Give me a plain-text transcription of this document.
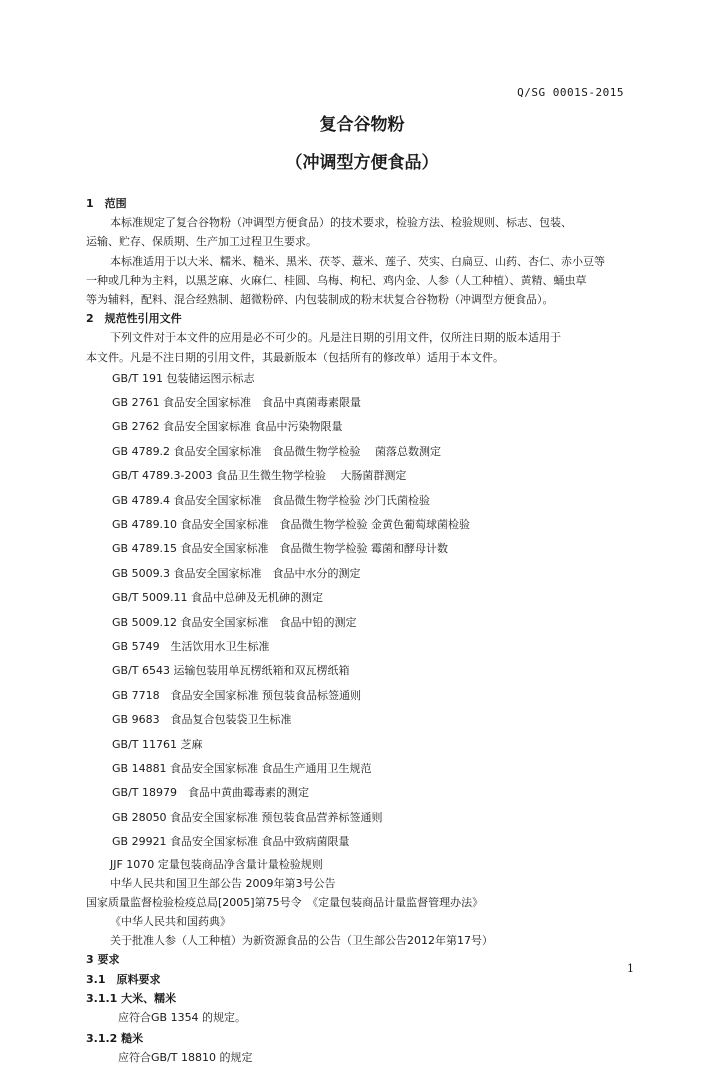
Q/SG 0001S-2015
复合谷物粉
（冲调型方便食品）
1　范围
本标准规定了复合谷物粉（冲调型方便食品）的技术要求，检验方法、检验规则、标志、包装、
运输、贮存、保质期、生产加工过程卫生要求。
本标准适用于以大米、糯米、糙米、黑米、茯苓、薏米、莲子、芡实、白扁豆、山药、杏仁、赤小豆等
一种或几种为主料，以黑芝麻、火麻仁、桂圆、乌梅、枸杞、鸡内金、人参（人工种植）、黄精、蛹虫草
等为辅料，配料、混合经熟制、超微粉碎、内包装制成的粉末状复合谷物粉（冲调型方便食品）。
2　规范性引用文件
下列文件对于本文件的应用是必不可少的。凡是注日期的引用文件，仅所注日期的版本适用于
本文件。凡是不注日期的引用文件，其最新版本（包括所有的修改单）适用于本文件。
GB/T 191 包装储运图示标志
GB 2761 食品安全国家标准　食品中真菌毒素限量
GB 2762 食品安全国家标准 食品中污染物限量
GB 4789.2 食品安全国家标准　食品微生物学检验　 菌落总数测定
GB/T 4789.3-2003 食品卫生微生物学检验　 大肠菌群测定
GB 4789.4 食品安全国家标准　食品微生物学检验 沙门氏菌检验
GB 4789.10 食品安全国家标准　食品微生物学检验 金黄色葡萄球菌检验
GB 4789.15 食品安全国家标准　食品微生物学检验 霉菌和酵母计数
GB 5009.3 食品安全国家标准　食品中水分的测定
GB/T 5009.11 食品中总砷及无机砷的测定
GB 5009.12 食品安全国家标准　食品中铅的测定
GB 5749　生活饮用水卫生标准
GB/T 6543 运输包装用单瓦楞纸箱和双瓦楞纸箱
GB 7718　食品安全国家标准 预包装食品标签通则
GB 9683　食品复合包装袋卫生标准
GB/T 11761 芝麻
GB 14881 食品安全国家标准 食品生产通用卫生规范
GB/T 18979　食品中黄曲霉毒素的测定
GB 28050 食品安全国家标准 预包装食品营养标签通则
GB 29921 食品安全国家标准 食品中致病菌限量
JJF 1070 定量包装商品净含量计量检验规则
中华人民共和国卫生部公告 2009年第3号公告
国家质量监督检验检疫总局[2005]第75号令　《定量包装商品计量监督管理办法》
《中华人民共和国药典》
关于批准人参（人工种植）为新资源食品的公告（卫生部公告2012年第17号）
3 要求
3.1　原料要求
3.1.1 大米、糯米
应符合GB 1354 的规定。
3.1.2 糙米
应符合GB/T 18810 的规定
1
